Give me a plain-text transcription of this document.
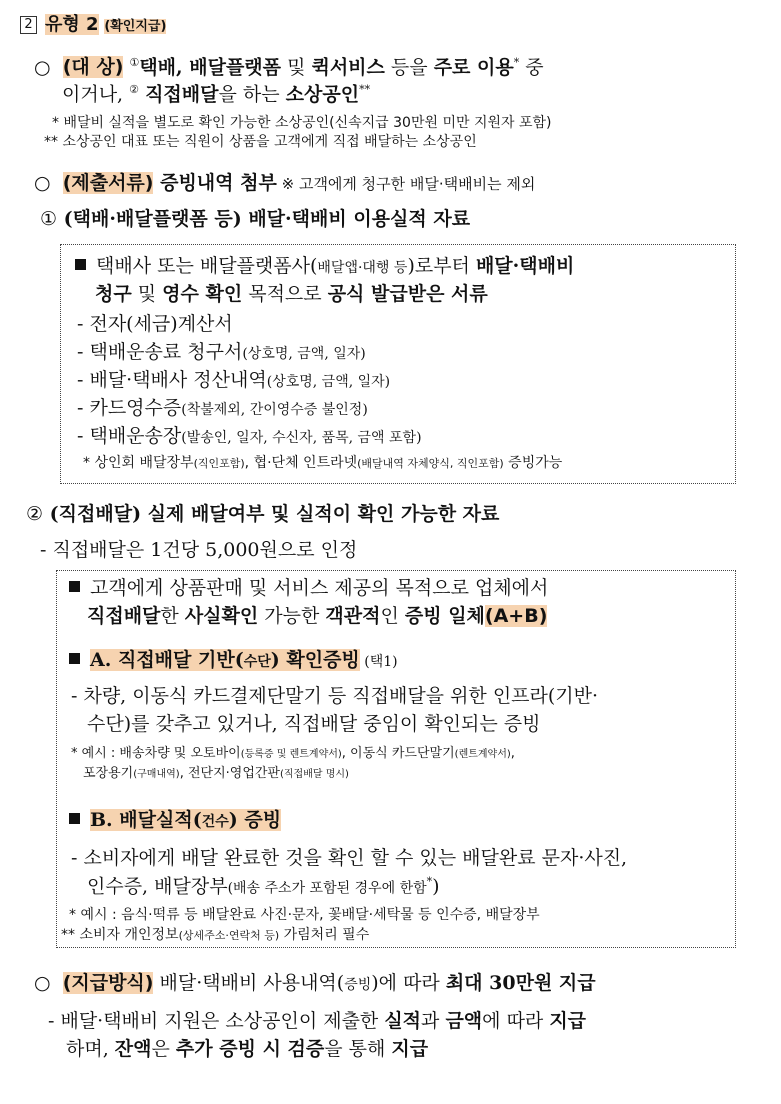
2 유형 2 (확인지급)
○ (대 상) ①택배, 배달플랫폼 및 퀵서비스 등을 주로 이용* 중
이거나, ② 직접배달을 하는 소상공인**
* 배달비 실적을 별도로 확인 가능한 소상공인(신속지급 30만원 미만 지원자 포함)
** 소상공인 대표 또는 직원이 상품을 고객에게 직접 배달하는 소상공인
○ (제출서류) 증빙내역 첨부 ※ 고객에게 청구한 배달·택배비는 제외
① (택배·배달플랫폼 등) 배달·택배비 이용실적 자료
택배사 또는 배달플랫폼사(배달앱·대행 등)로부터 배달·택배비
청구 및 영수 확인 목적으로 공식 발급받은 서류
- 전자(세금)계산서
- 택배운송료 청구서(상호명, 금액, 일자)
- 배달·택배사 정산내역(상호명, 금액, 일자)
- 카드영수증(착불제외, 간이영수증 불인정)
- 택배운송장(발송인, 일자, 수신자, 품목, 금액 포함)
* 상인회 배달장부(직인포함), 협·단체 인트라넷(배달내역 자체양식, 직인포함) 증빙가능
② (직접배달) 실제 배달여부 및 실적이 확인 가능한 자료
- 직접배달은 1건당 5,000원으로 인정
고객에게 상품판매 및 서비스 제공의 목적으로 업체에서
직접배달한 사실확인 가능한 객관적인 증빙 일체(A+B)
A. 직접배달 기반(수단) 확인증빙 (택1)
- 차량, 이동식 카드결제단말기 등 직접배달을 위한 인프라(기반·
수단)를 갖추고 있거나, 직접배달 중임이 확인되는 증빙
* 예시 : 배송차량 및 오토바이(등록증 및 렌트계약서), 이동식 카드단말기(렌트계약서),
포장용기(구매내역), 전단지·영업간판(직접배달 명시)
B. 배달실적(건수) 증빙
- 소비자에게 배달 완료한 것을 확인 할 수 있는 배달완료 문자·사진,
인수증, 배달장부(배송 주소가 포함된 경우에 한함*)
* 예시 : 음식·떡류 등 배달완료 사진·문자, 꽃배달·세탁물 등 인수증, 배달장부
** 소비자 개인정보(상세주소·연락처 등) 가림처리 필수
○ (지급방식) 배달·택배비 사용내역(증빙)에 따라 최대 30만원 지급
- 배달·택배비 지원은 소상공인이 제출한 실적과 금액에 따라 지급
하며, 잔액은 추가 증빙 시 검증을 통해 지급
